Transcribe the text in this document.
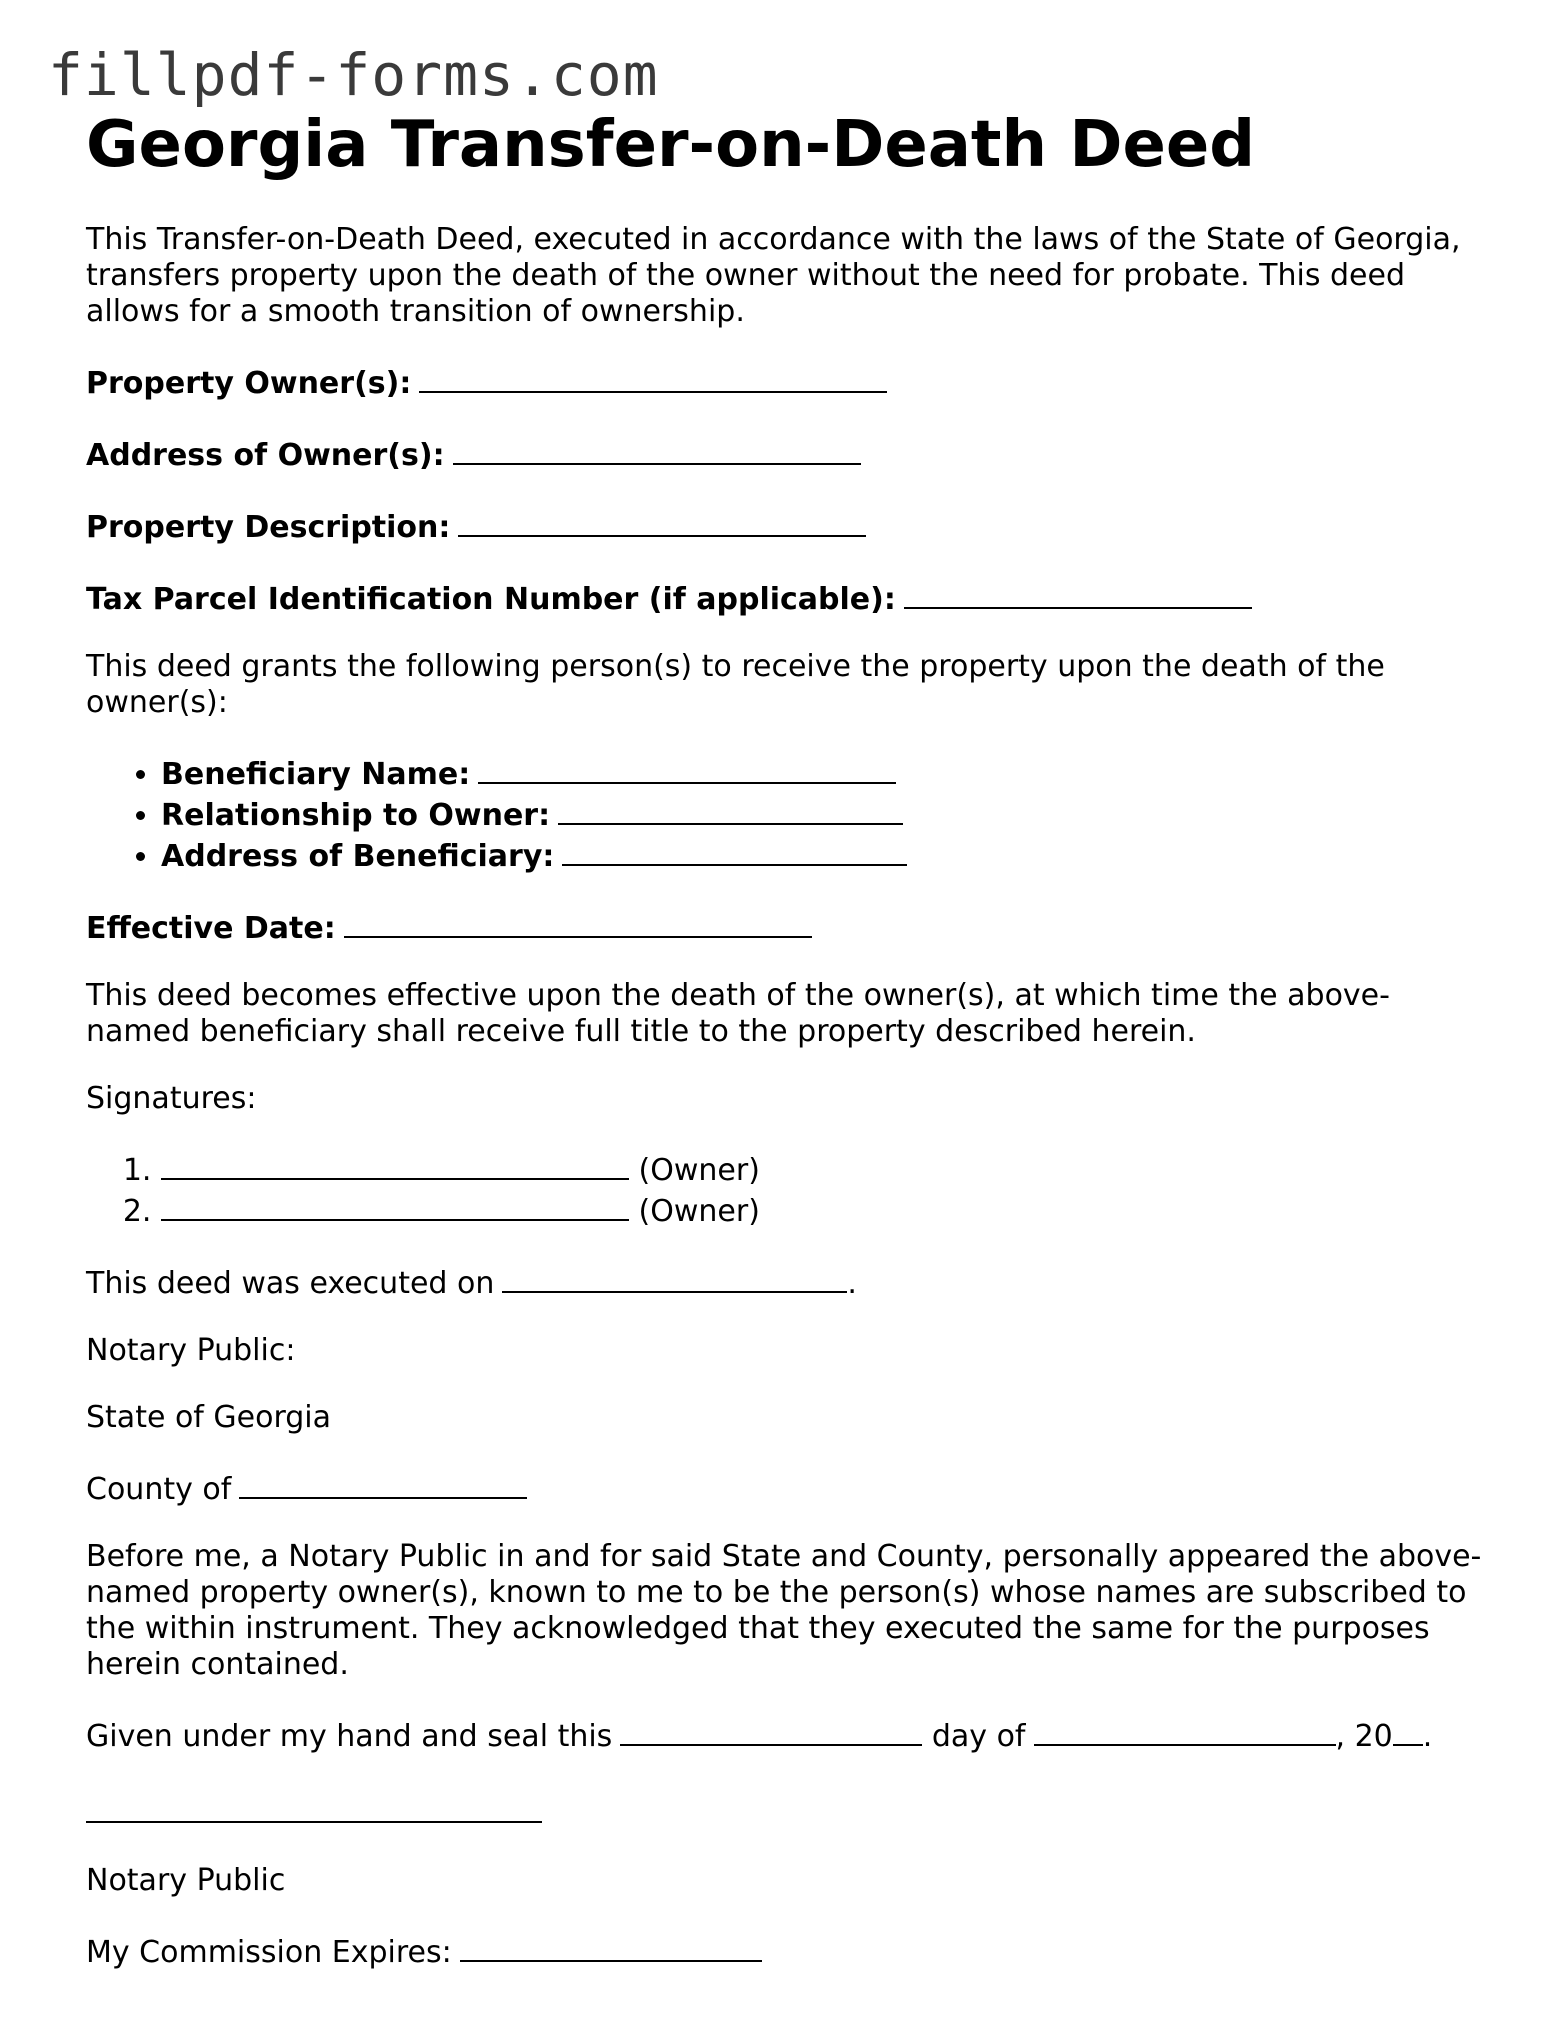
fillpdf-forms.com
Georgia Transfer-on-Death Deed

This Transfer-on-Death Deed, executed in accordance with the laws of the State of Georgia, transfers property upon the death of the owner without the need for probate. This deed allows for a smooth transition of ownership.

Property Owner(s):

Address of Owner(s):

Property Description:

Tax Parcel Identification Number (if applicable):

This deed grants the following person(s) to receive the property upon the death of the owner(s):

• Beneficiary Name:
• Relationship to Owner:
• Address of Beneficiary:

Effective Date:

This deed becomes effective upon the death of the owner(s), at which time the above-named beneficiary shall receive full title to the property described herein.

Signatures:

1. (Owner)
2. (Owner)

This deed was executed on	.

Notary Public:

State of Georgia

County of

Before me, a Notary Public in and for said State and County, personally appeared the above-named property owner(s), known to me to be the person(s) whose names are subscribed to the within instrument. They acknowledged that they executed the same for the purposes herein contained.

Given under my hand and seal this	day of	, 20 .

Notary Public

My Commission Expires:
